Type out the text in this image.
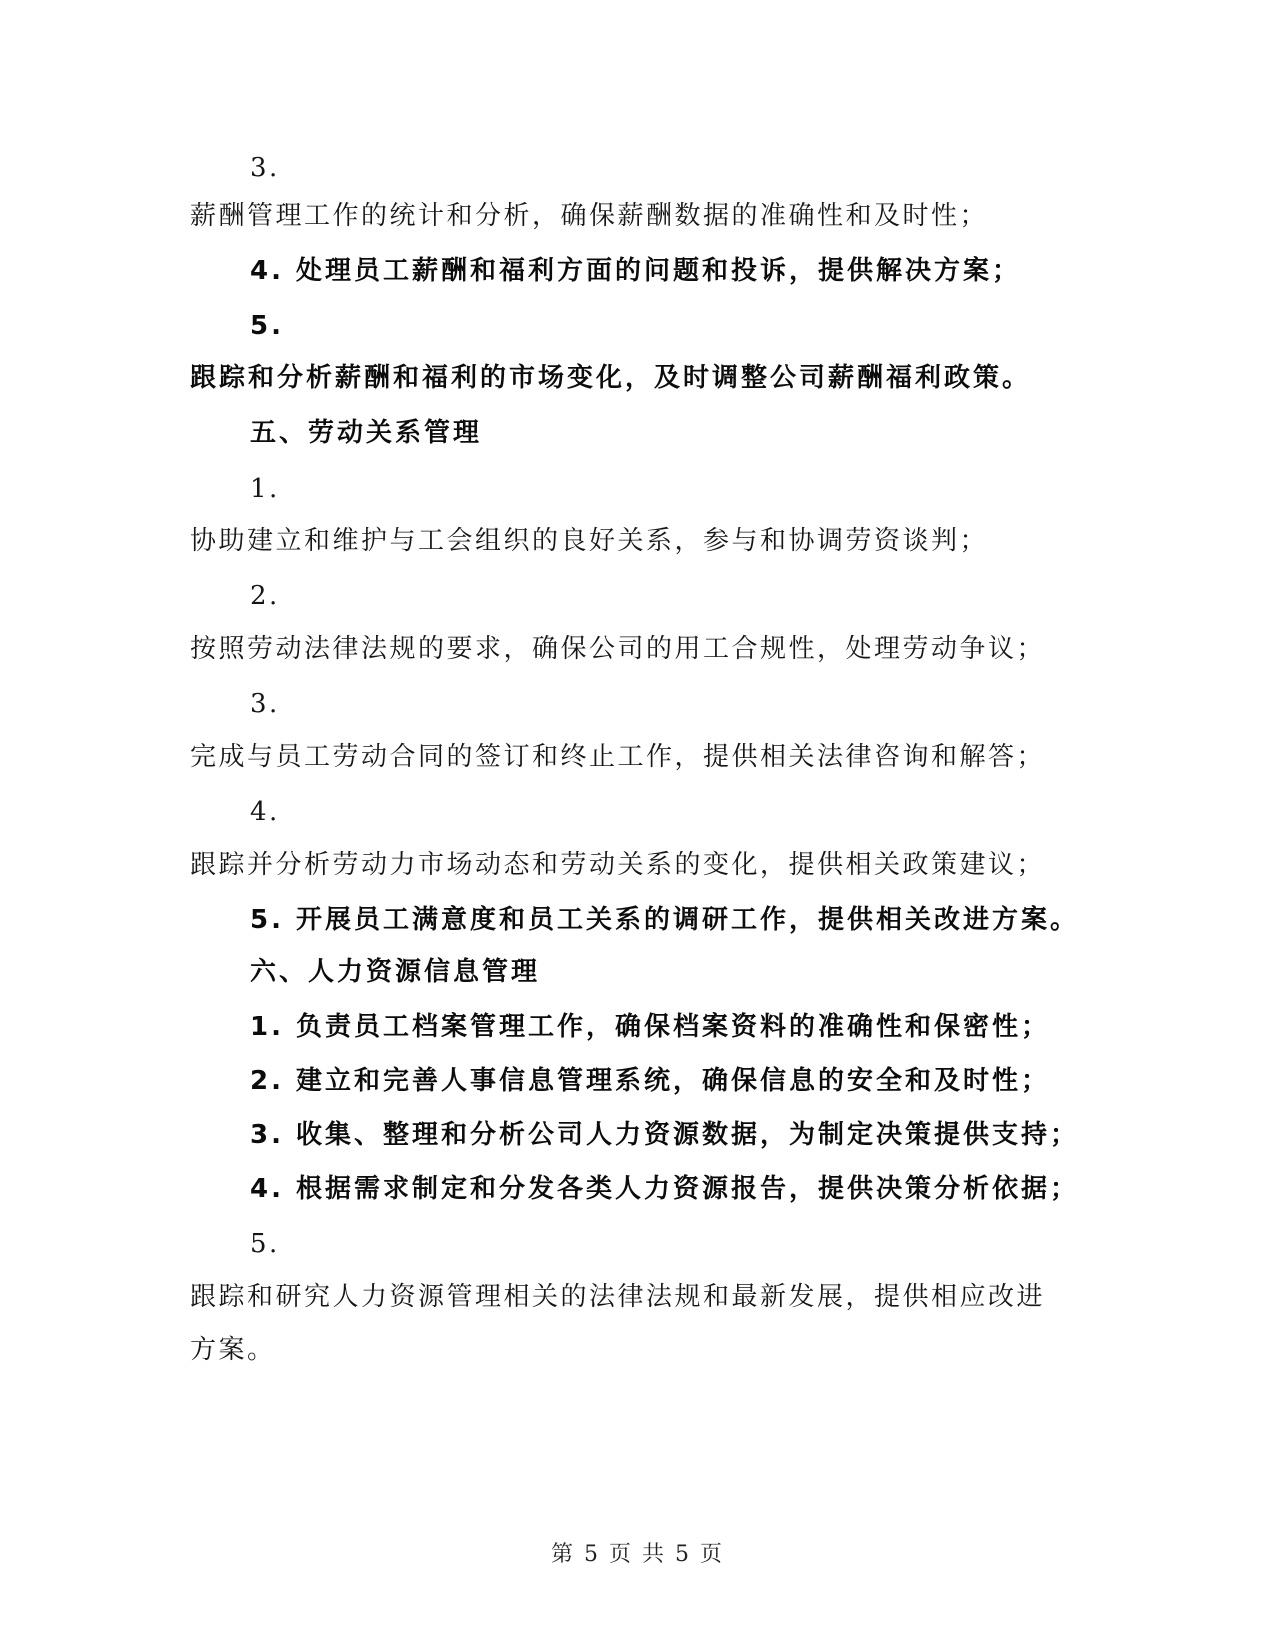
3.
薪酬管理工作的统计和分析，确保薪酬数据的准确性和及时性；
4. 处理员工薪酬和福利方面的问题和投诉，提供解决方案；
5.
跟踪和分析薪酬和福利的市场变化，及时调整公司薪酬福利政策。
五、劳动关系管理
1.
协助建立和维护与工会组织的良好关系，参与和协调劳资谈判；
2.
按照劳动法律法规的要求，确保公司的用工合规性，处理劳动争议；
3.
完成与员工劳动合同的签订和终止工作，提供相关法律咨询和解答；
4.
跟踪并分析劳动力市场动态和劳动关系的变化，提供相关政策建议；
5. 开展员工满意度和员工关系的调研工作，提供相关改进方案。
六、人力资源信息管理
1. 负责员工档案管理工作，确保档案资料的准确性和保密性；
2. 建立和完善人事信息管理系统，确保信息的安全和及时性；
3. 收集、整理和分析公司人力资源数据，为制定决策提供支持；
4. 根据需求制定和分发各类人力资源报告，提供决策分析依据；
5.
跟踪和研究人力资源管理相关的法律法规和最新发展，提供相应改进
方案。
第 5 页 共 5 页
